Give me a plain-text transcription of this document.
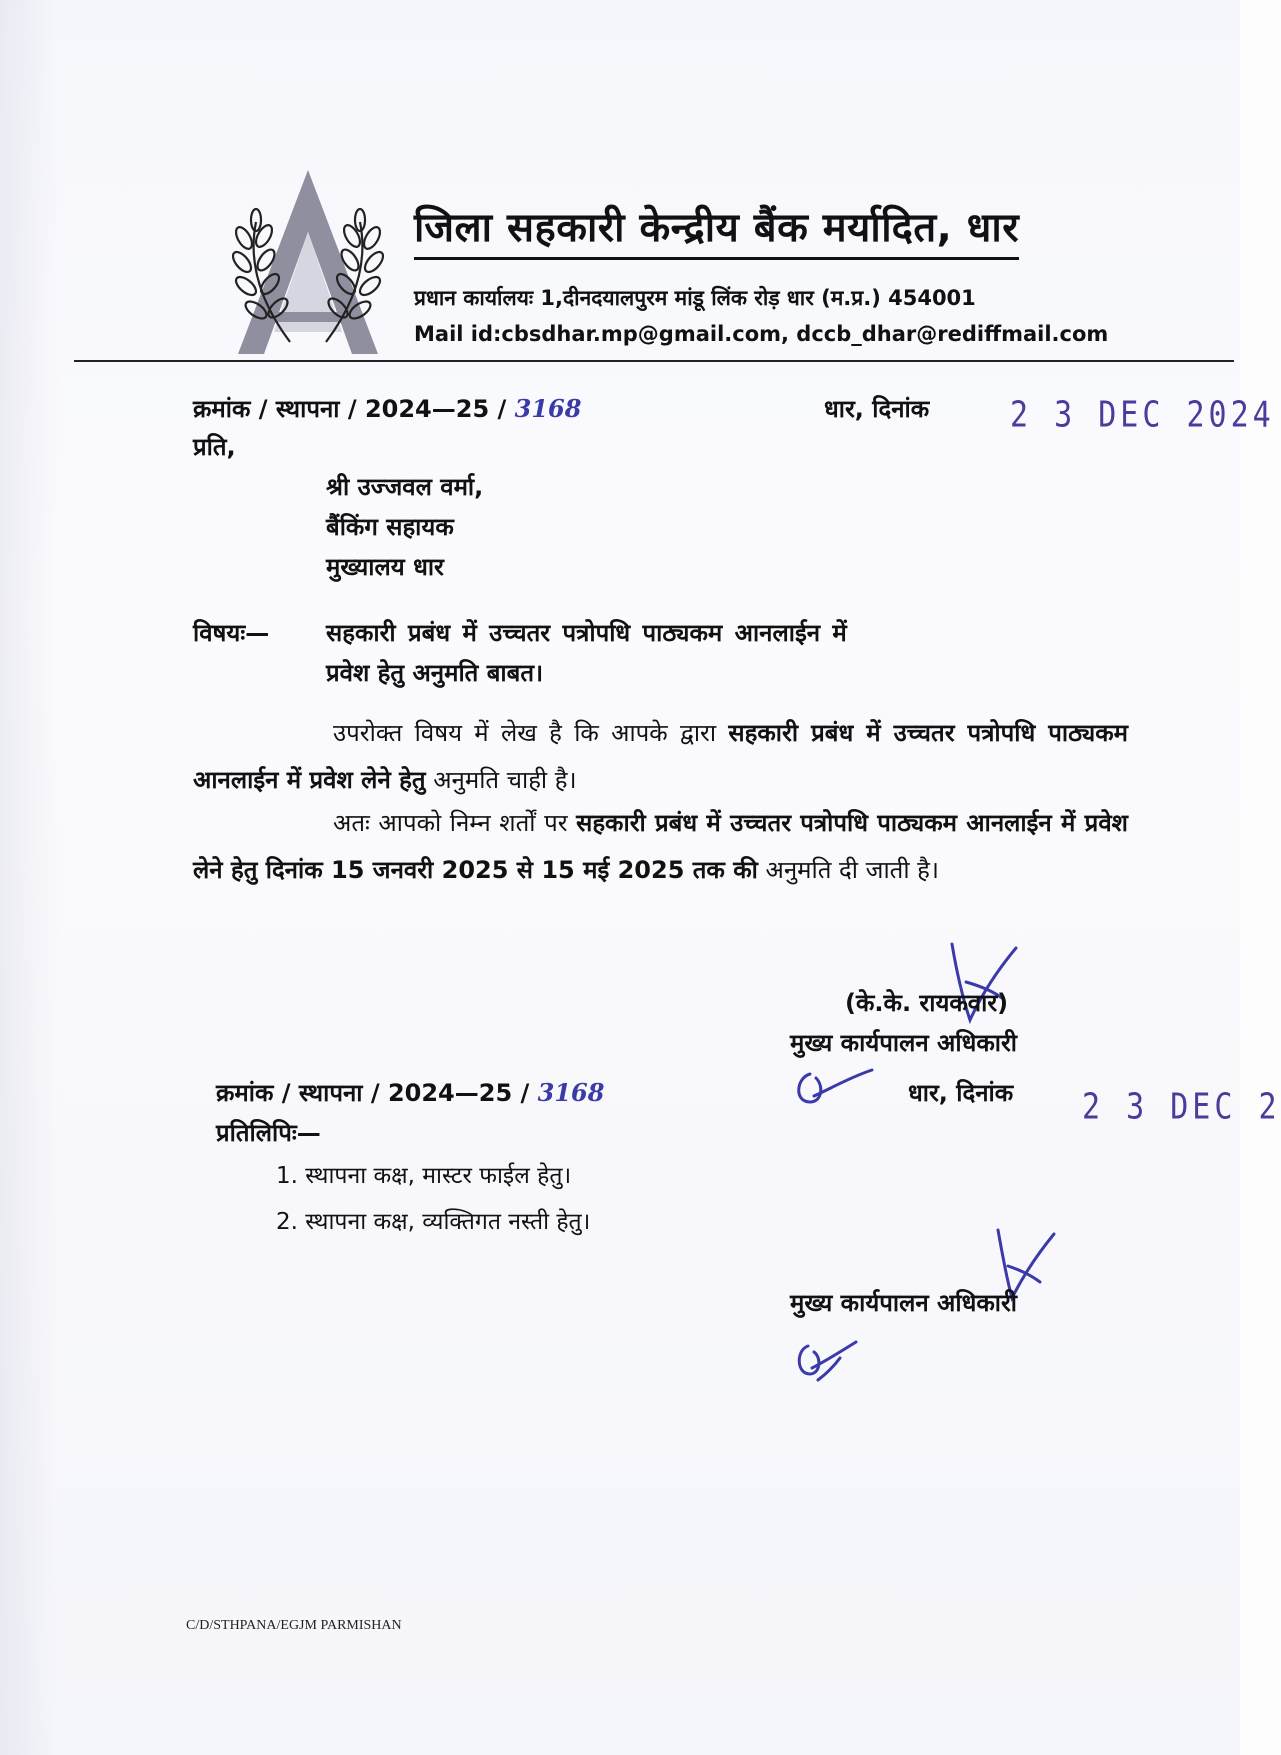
जिला सहकारी केन्द्रीय बैंक मर्यादित, धार
प्रधान कार्यालयः 1,दीनदयालपुरम मांडू लिंक रोड़ धार (म.प्र.) 454001
Mail id:cbsdhar.mp@gmail.com, dccb_dhar@rediffmail.com
क्रमांक / स्थापना / 2024—25 / 3168	धार, दिनांक	2 3 DEC 2024
प्रति,
श्री उज्जवल वर्मा,
बैंकिंग सहायक
मुख्यालय धार
विषयः— सहकारी प्रबंध में उच्चतर पत्रोपधि पाठ्यकम आनलाईन में
प्रवेश हेतु अनुमति बाबत।
उपरोक्त विषय में लेख है कि आपके द्वारा सहकारी प्रबंध में उच्चतर पत्रोपधि पाठ्यकम आनलाईन में प्रवेश लेने हेतु अनुमति चाही है।
अतः आपको निम्न शर्तों पर सहकारी प्रबंध में उच्चतर पत्रोपधि पाठ्यकम आनलाईन में प्रवेश लेने हेतु दिनांक 15 जनवरी 2025 से 15 मई 2025 तक की अनुमति दी जाती है।
(के.के. रायकवार)
मुख्य कार्यपालन अधिकारी
क्रमांक / स्थापना / 2024—25 / 3168	धार, दिनांक 2 3 DEC 2
प्रतिलिपिः—
1. स्थापना कक्ष, मास्टर फाईल हेतु।
2. स्थापना कक्ष, व्यक्तिगत नस्ती हेतु।
मुख्य कार्यपालन अधिकारी
C/D/STHPANA/EGJM PARMISHAN
